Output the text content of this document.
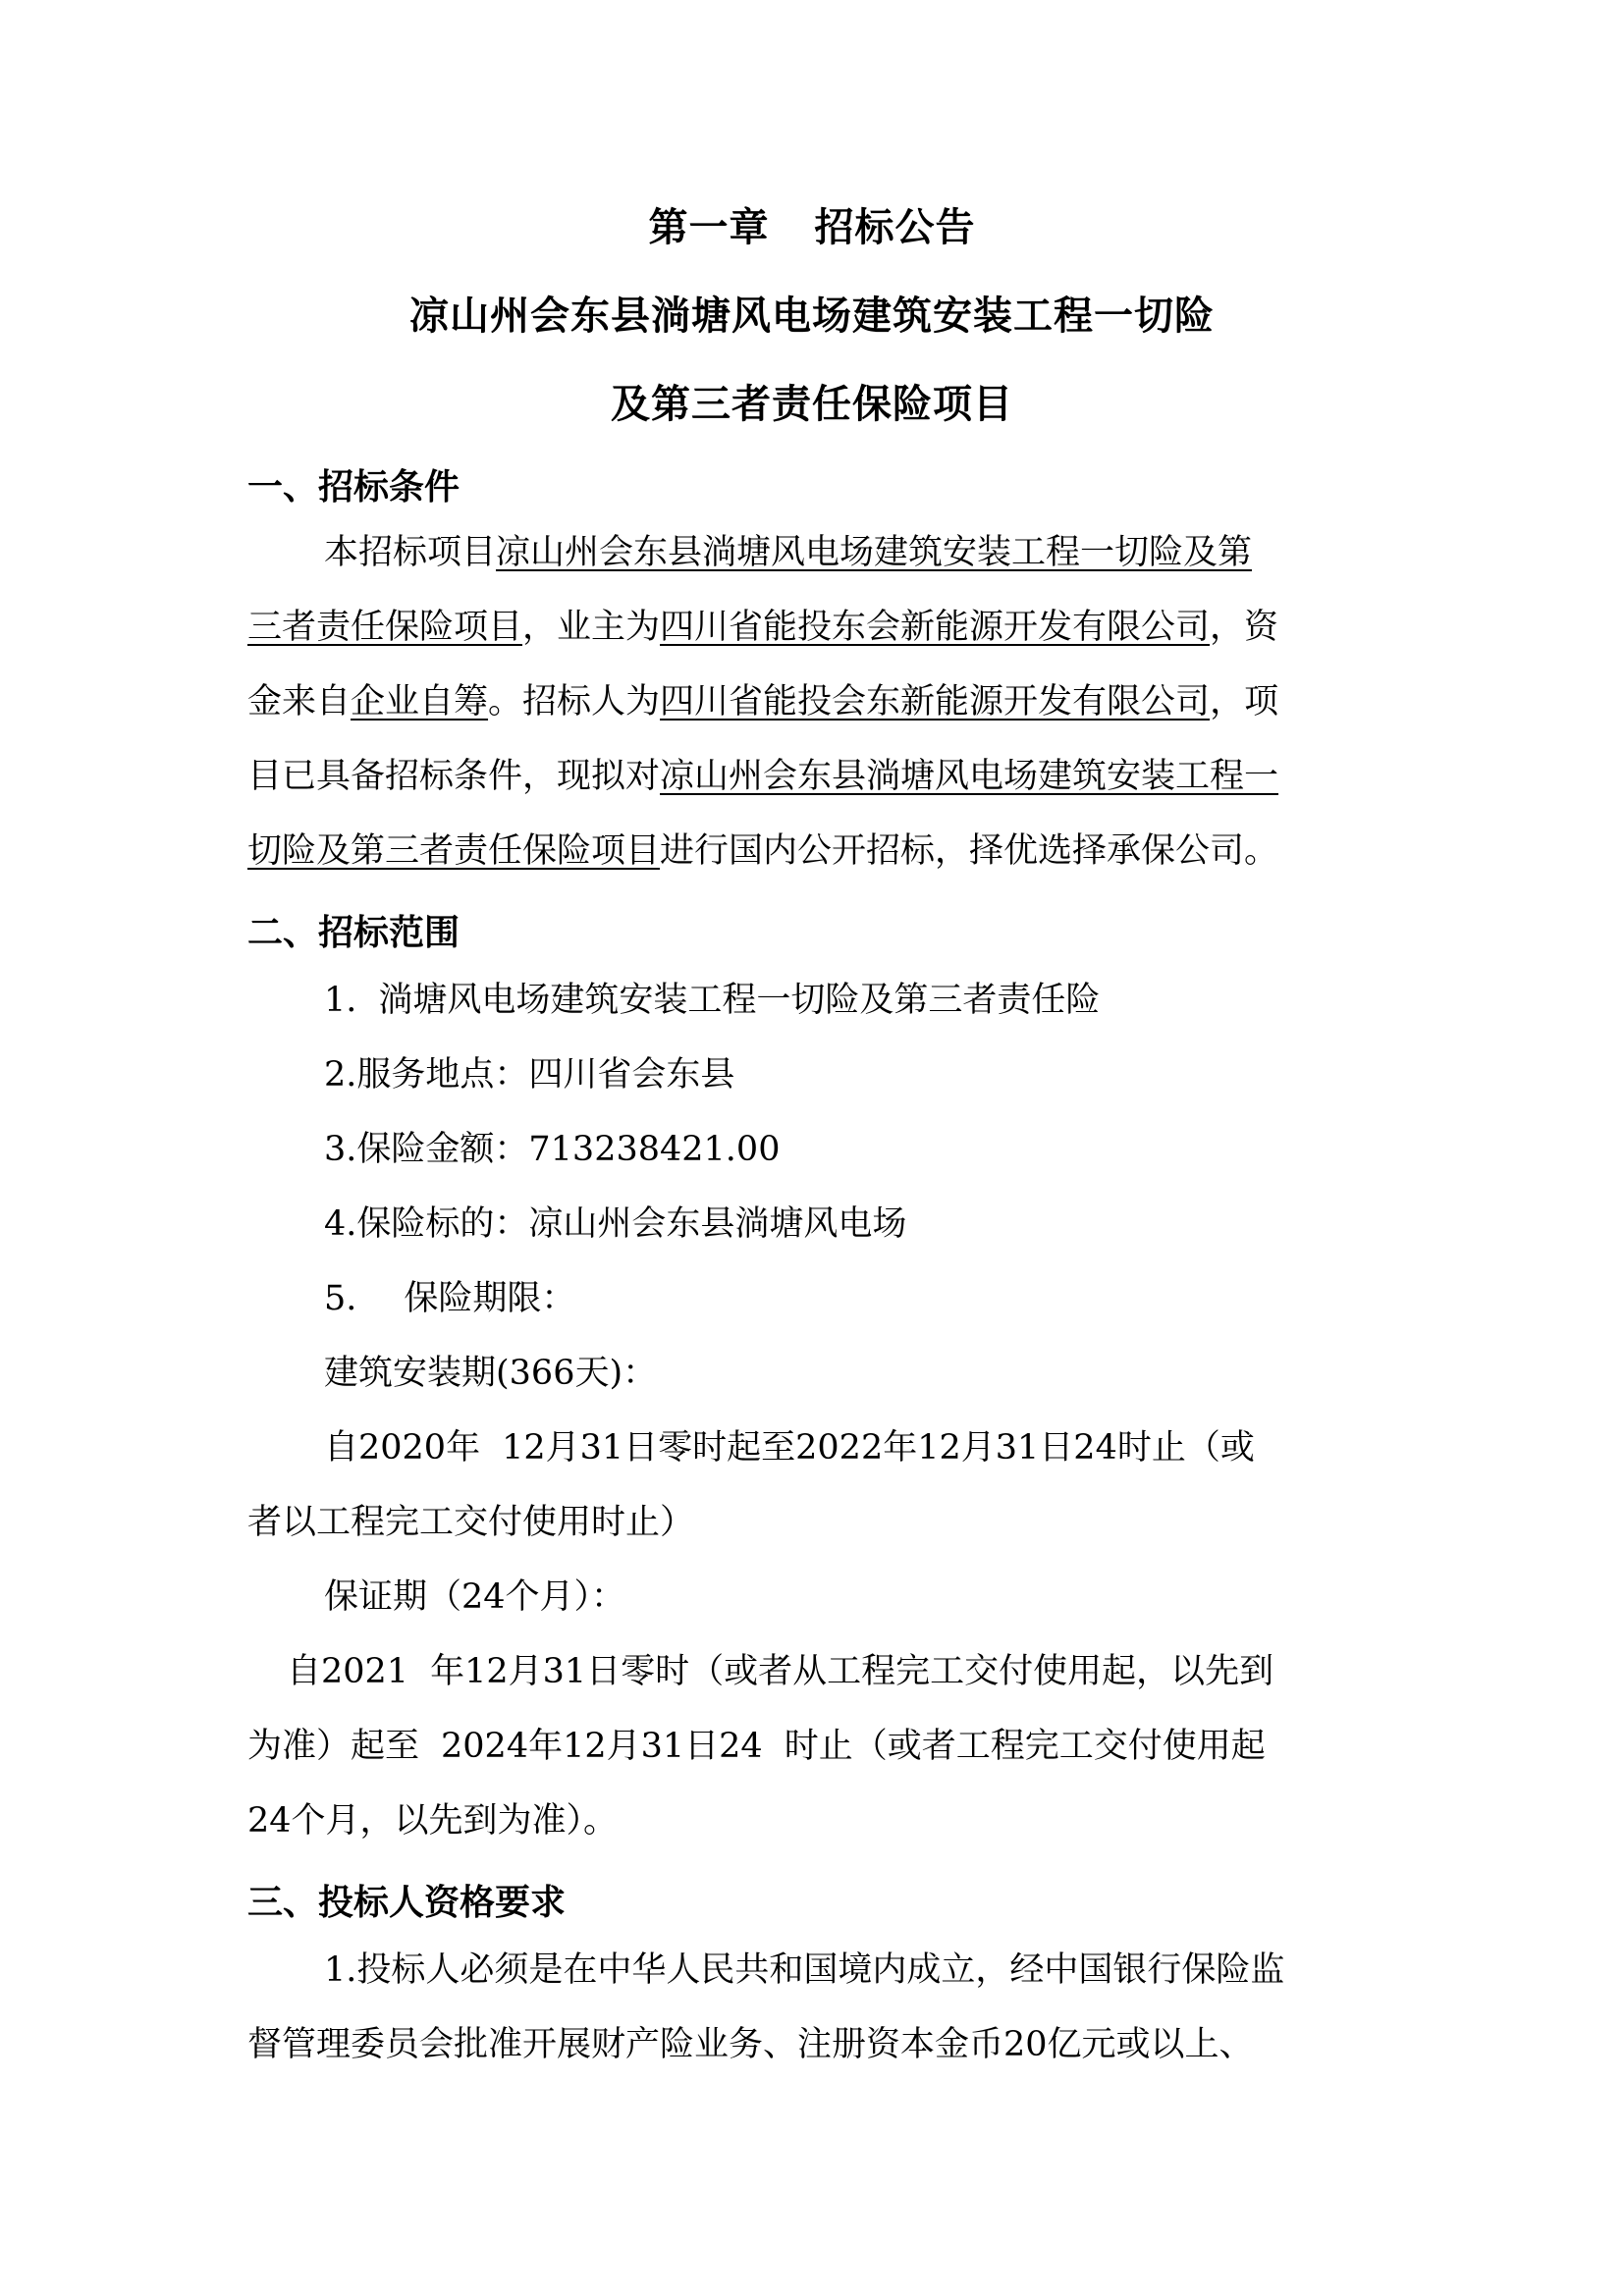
第一章 招标公告
凉山州会东县淌塘风电场建筑安装工程一切险
及第三者责任保险项目
一、招标条件
本招标项目凉山州会东县淌塘风电场建筑安装工程一切险及第
三者责任保险项目，业主为四川省能投东会新能源开发有限公司，资
金来自企业自筹。招标人为四川省能投会东新能源开发有限公司，项
目已具备招标条件，现拟对凉山州会东县淌塘风电场建筑安装工程一
切险及第三者责任保险项目进行国内公开招标，择优选择承保公司。
二、招标范围
1. 淌塘风电场建筑安装工程一切险及第三者责任险
2.服务地点：四川省会东县
3.保险金额：713238421.00
4.保险标的：凉山州会东县淌塘风电场
5. 保险期限：
建筑安装期(366天)：
自2020年 12月31日零时起至2022年12月31日24时止（或
者以工程完工交付使用时止）
保证期（24个月）：
自2021 年12月31日零时（或者从工程完工交付使用起，以先到
为准）起至 2024年12月31日24 时止（或者工程完工交付使用起
24个月，以先到为准）。
三、投标人资格要求
1.投标人必须是在中华人民共和国境内成立，经中国银行保险监
督管理委员会批准开展财产险业务、注册资本金币20亿元或以上、
